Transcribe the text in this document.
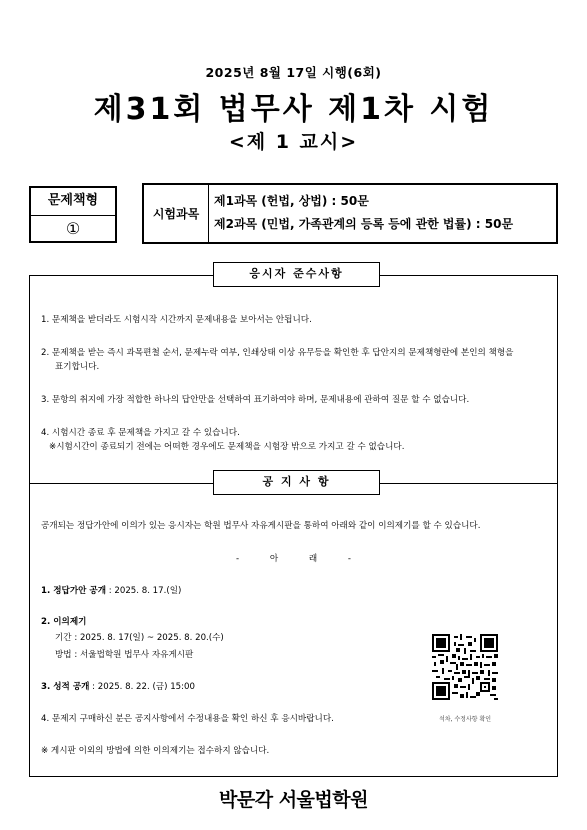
2025년 8월 17일 시행(6회)
제31회 법무사 제1차 시험
<제 1 교시>
문제책형
①
시험과목
제1과목 (헌법, 상법) : 50문
제2과목 (민법, 가족관계의 등록 등에 관한 법률) : 50문
응시자 준수사항
공 지 사 항
1. 문제책을 받더라도 시험시작 시간까지 문제내용을 보아서는 안됩니다.
2. 문제책을 받는 즉시 과목편철 순서, 문제누락 여부, 인쇄상태 이상 유무등을 확인한 후 답안지의 문제책형란에 본인의 책형을
표기합니다.
3. 문항의 취지에 가장 적합한 하나의 답안만을 선택하여 표기하여야 하며, 문제내용에 관하여 질문 할 수 없습니다.
4. 시험시간 종료 후 문제책을 가지고 갈 수 있습니다.
※시험시간이 종료되기 전에는 어떠한 경우에도 문제책을 시험장 밖으로 가지고 갈 수 없습니다.
공개되는 정답가안에 이의가 있는 응시자는 학원 법무사 자유게시판을 통하여 아래와 같이 이의제기를 할 수 있습니다.
- 아 래 -
1. 정답가안 공개 : 2025. 8. 17.(일)
2. 이의제기
기간 : 2025. 8. 17(일) ~ 2025. 8. 20.(수)
방법 : 서울법학원 법무사 자유게시판
3. 성적 공개 : 2025. 8. 22. (금) 15:00
4. 문제지 구매하신 분은 공지사항에서 수정내용을 확인 하신 후 응시바랍니다.
※ 게시판 이외의 방법에 의한 이의제기는 접수하지 않습니다.
석차, 수정사항 확인
박문각 서울법학원
